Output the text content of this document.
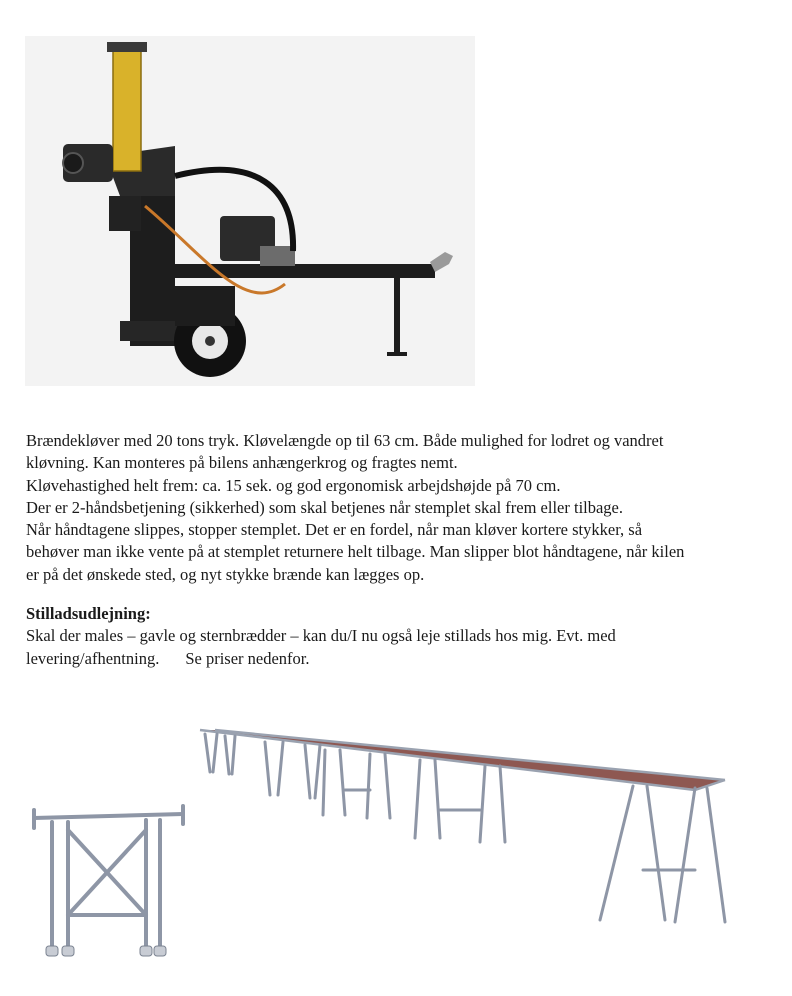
Brændekløver med 20 tons tryk. Kløvelængde op til 63 cm. Både mulighed for lodret og vandret
kløvning. Kan monteres på bilens anhængerkrog og fragtes nemt.
Kløvehastighed helt frem: ca. 15 sek. og god ergonomisk arbejdshøjde på 70 cm.
Der er 2-håndsbetjening (sikkerhed) som skal betjenes når stemplet skal frem eller tilbage.
Når håndtagene slippes, stopper stemplet. Det er en fordel, når man kløver kortere stykker, så
behøver man ikke vente på at stemplet returnere helt tilbage. Man slipper blot håndtagene, når kilen
er på det ønskede sted, og nyt stykke brænde kan lægges op.
Stilladsudlejning:
Skal der males – gavle og sternbrædder – kan du/I nu også leje stillads hos mig. Evt. med
levering/afhentning. Se priser nedenfor.
